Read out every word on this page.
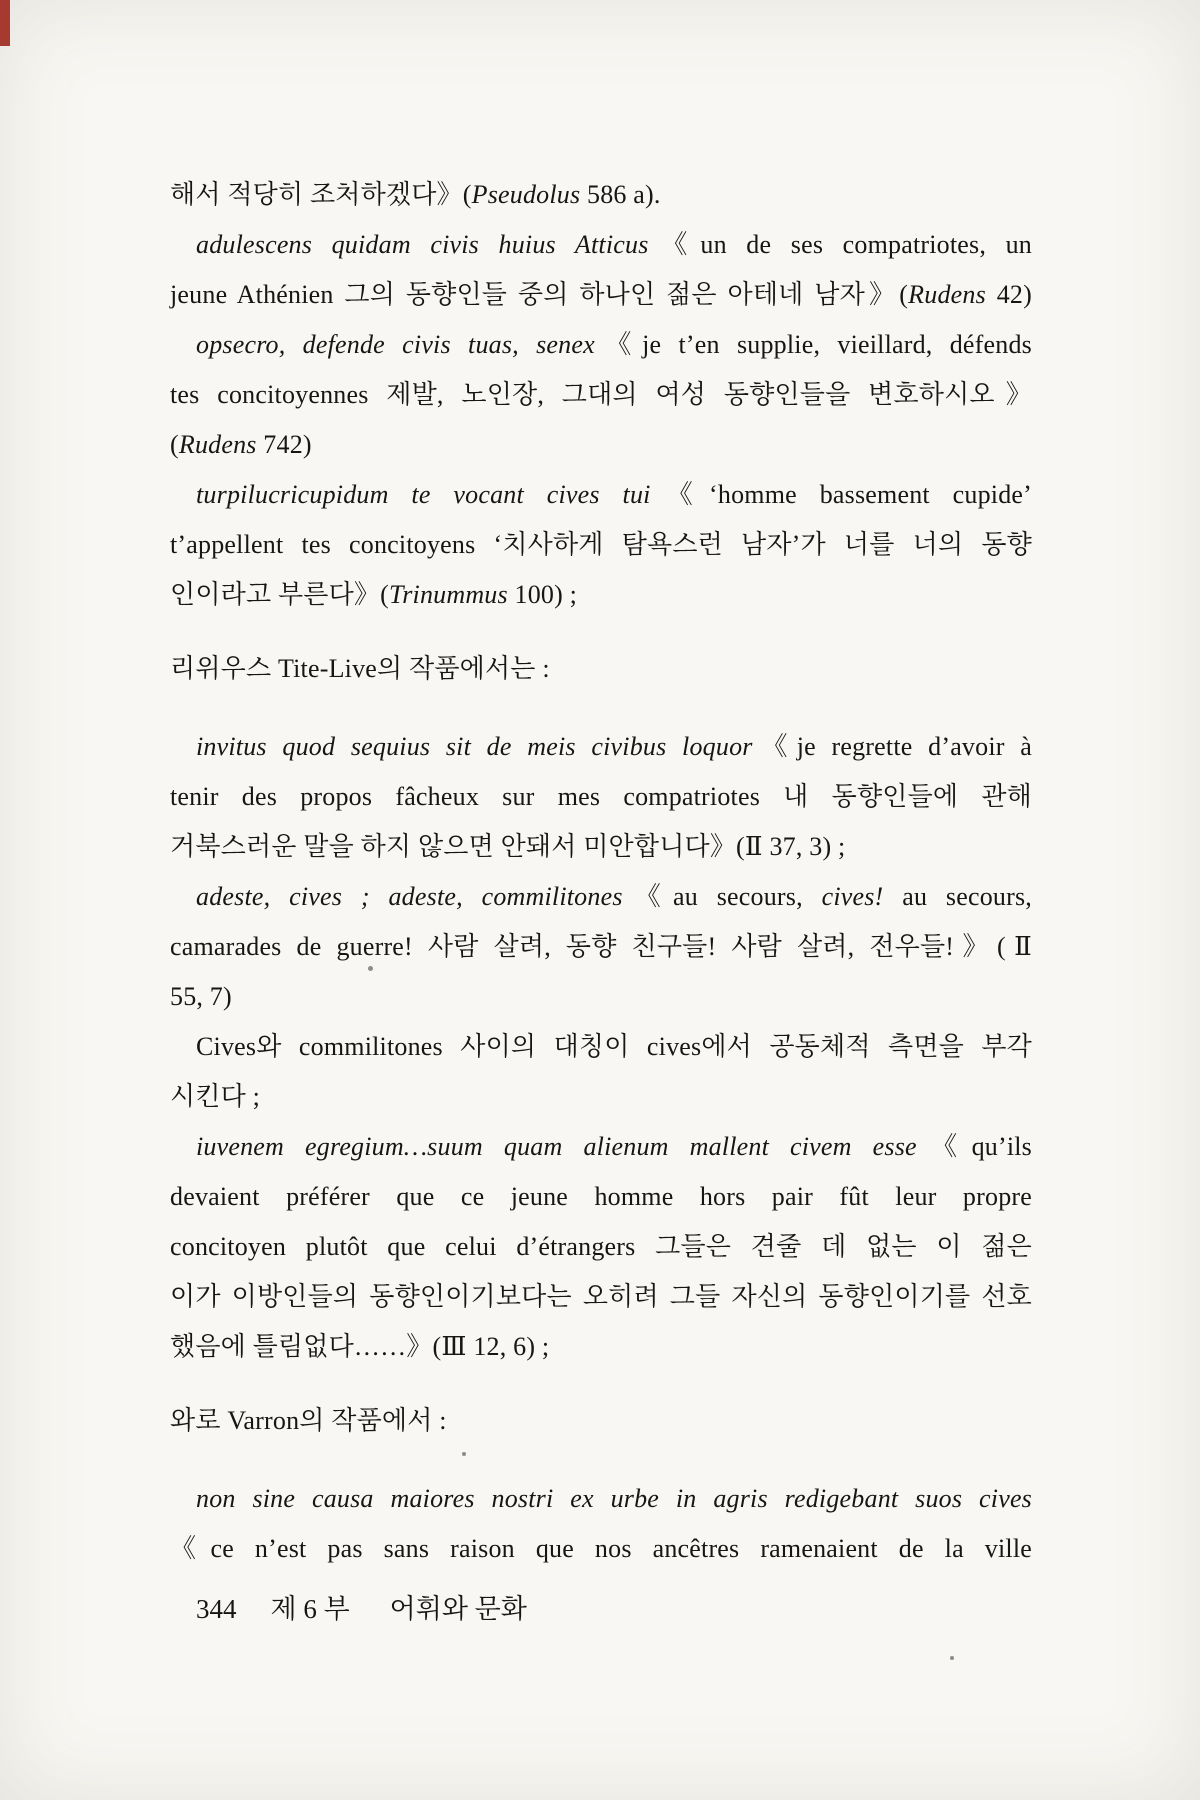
해서 적당히 조처하겠다》(Pseudolus 586 a).
adulescens quidam civis huius Atticus《un de ses compatriotes, un
jeune Athénien 그의 동향인들 중의 하나인 젊은 아테네 남자》(Rudens 42)
opsecro, defende civis tuas, senex《je t’en supplie, vieillard, défends
tes concitoyennes 제발, 노인장, 그대의 여성 동향인들을 변호하시오》
(Rudens 742)
turpilucricupidum te vocant cives tui《‘homme bassement cupide’
t’appellent tes concitoyens ‘치사하게 탐욕스런 남자’가 너를 너의 동향
인이라고 부른다》(Trinummus 100) ;
리위우스 Tite-Live의 작품에서는 :
invitus quod sequius sit de meis civibus loquor《je regrette d’avoir à
tenir des propos fâcheux sur mes compatriotes 내 동향인들에 관해
거북스러운 말을 하지 않으면 안돼서 미안합니다》(Ⅱ 37, 3) ;
adeste, cives ; adeste, commilitones《au secours, cives! au secours,
camarades de guerre! 사람 살려, 동향 친구들! 사람 살려, 전우들!》(Ⅱ
55, 7)
Cives와 commilitones 사이의 대칭이 cives에서 공동체적 측면을 부각
시킨다 ;
iuvenem egregium…suum quam alienum mallent civem esse《qu’ils
devaient préférer que ce jeune homme hors pair fût leur propre
concitoyen plutôt que celui d’étrangers 그들은 견줄 데 없는 이 젊은
이가 이방인들의 동향인이기보다는 오히려 그들 자신의 동향인이기를 선호
했음에 틀림없다……》(Ⅲ 12, 6) ;
와로 Varron의 작품에서 :
non sine causa maiores nostri ex urbe in agris redigebant suos cives
《ce n’est pas sans raison que nos ancêtres ramenaient de la ville
344 제 6 부 어휘와 문화
